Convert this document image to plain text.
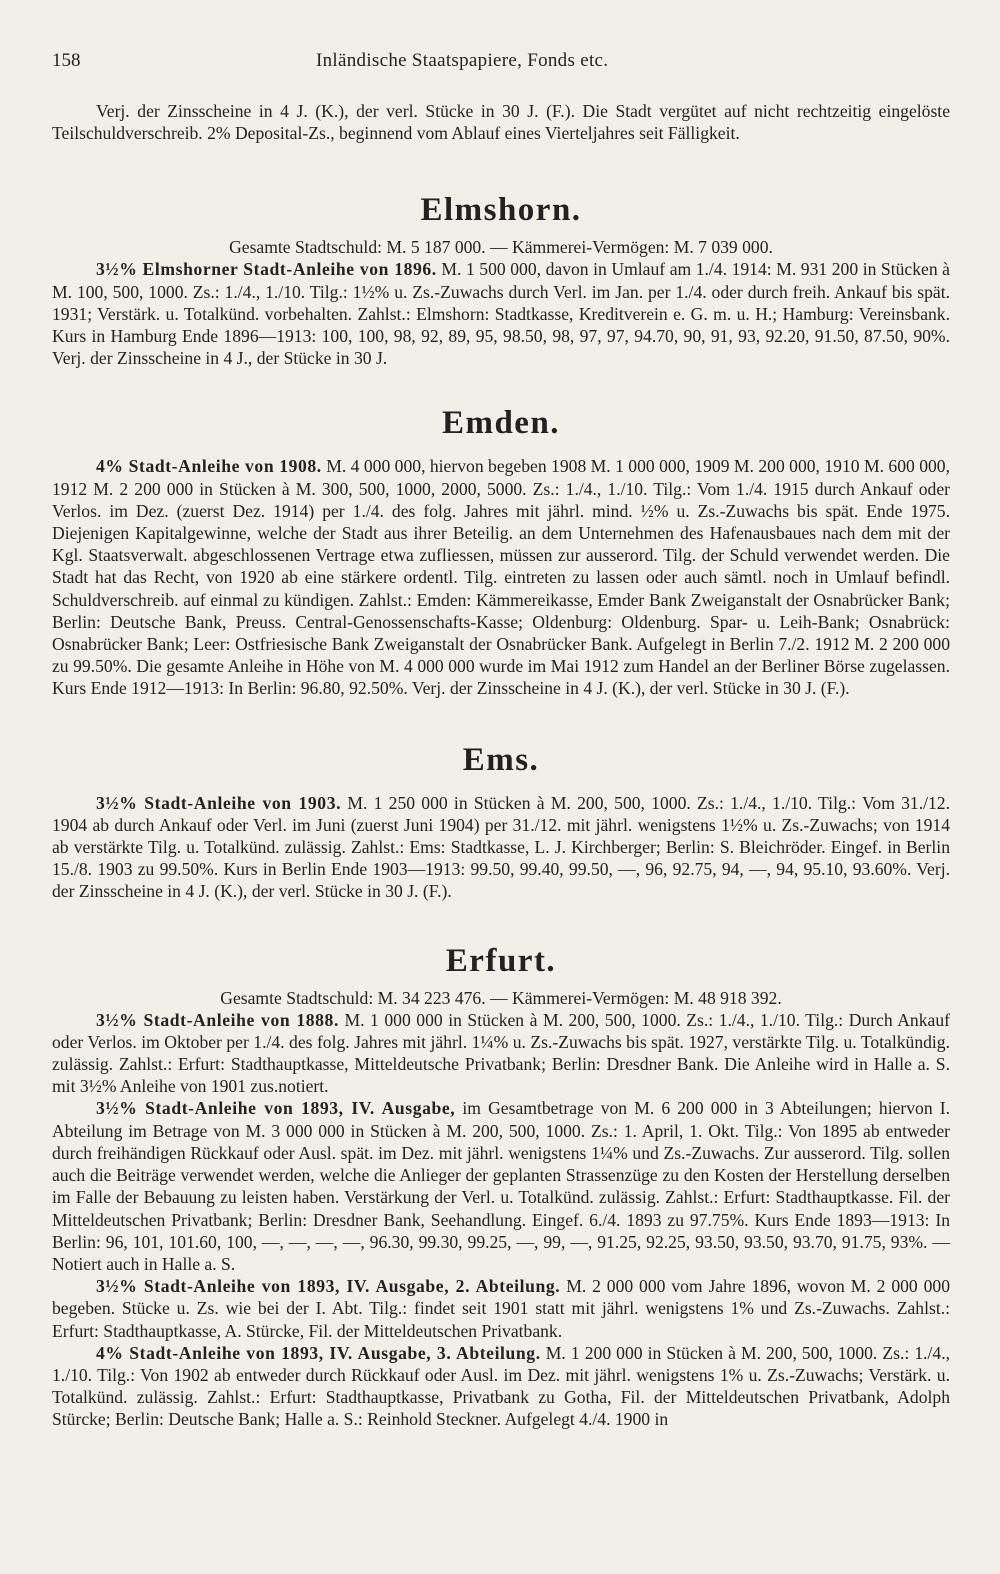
158	Inländische Staatspapiere, Fonds etc.

Verj. der Zinsscheine in 4 J. (K.), der verl. Stücke in 30 J. (F.). Die Stadt vergütet auf nicht rechtzeitig eingelöste Teilschuldverschreib. 2% Deposital-Zs., beginnend vom Ablauf eines Vierteljahres seit Fälligkeit.

Elmshorn.
Gesamte Stadtschuld: M. 5 187 000. — Kämmerei-Vermögen: M. 7 039 000.

3½% Elmshorner Stadt-Anleihe von 1896. M. 1 500 000, davon in Umlauf am 1./4. 1914: M. 931 200 in Stücken à M. 100, 500, 1000. Zs.: 1./4., 1./10. Tilg.: 1½% u. Zs.-Zuwachs durch Verl. im Jan. per 1./4. oder durch freih. Ankauf bis spät. 1931; Verstärk. u. Totalkünd. vorbehalten. Zahlst.: Elmshorn: Stadtkasse, Kreditverein e. G. m. u. H.; Hamburg: Vereinsbank. Kurs in Hamburg Ende 1896—1913: 100, 100, 98, 92, 89, 95, 98.50, 98, 97, 97, 94.70, 90, 91, 93, 92.20, 91.50, 87.50, 90%. Verj. der Zinsscheine in 4 J., der Stücke in 30 J.

Emden.

4% Stadt-Anleihe von 1908. M. 4 000 000, hiervon begeben 1908 M. 1 000 000, 1909 M. 200 000, 1910 M. 600 000, 1912 M. 2 200 000 in Stücken à M. 300, 500, 1000, 2000, 5000. Zs.: 1./4., 1./10. Tilg.: Vom 1./4. 1915 durch Ankauf oder Verlos. im Dez. (zuerst Dez. 1914) per 1./4. des folg. Jahres mit jährl. mind. ½% u. Zs.-Zuwachs bis spät. Ende 1975. Diejenigen Kapitalgewinne, welche der Stadt aus ihrer Beteilig. an dem Unternehmen des Hafenausbaues nach dem mit der Kgl. Staatsverwalt. abgeschlossenen Vertrage etwa zufliessen, müssen zur ausserord. Tilg. der Schuld verwendet werden. Die Stadt hat das Recht, von 1920 ab eine stärkere ordentl. Tilg. eintreten zu lassen oder auch sämtl. noch in Umlauf befindl. Schuldverschreib. auf einmal zu kündigen. Zahlst.: Emden: Kämmereikasse, Emder Bank Zweiganstalt der Osnabrücker Bank; Berlin: Deutsche Bank, Preuss. Central-Genossenschafts-Kasse; Oldenburg: Oldenburg. Spar- u. Leih-Bank; Osnabrück: Osnabrücker Bank; Leer: Ostfriesische Bank Zweiganstalt der Osnabrücker Bank. Aufgelegt in Berlin 7./2. 1912 M. 2 200 000 zu 99.50%. Die gesamte Anleihe in Höhe von M. 4 000 000 wurde im Mai 1912 zum Handel an der Berliner Börse zugelassen. Kurs Ende 1912—1913: In Berlin: 96.80, 92.50%. Verj. der Zinsscheine in 4 J. (K.), der verl. Stücke in 30 J. (F.).

Ems.

3½% Stadt-Anleihe von 1903. M. 1 250 000 in Stücken à M. 200, 500, 1000. Zs.: 1./4., 1./10. Tilg.: Vom 31./12. 1904 ab durch Ankauf oder Verl. im Juni (zuerst Juni 1904) per 31./12. mit jährl. wenigstens 1½% u. Zs.-Zuwachs; von 1914 ab verstärkte Tilg. u. Totalkünd. zulässig. Zahlst.: Ems: Stadtkasse, L. J. Kirchberger; Berlin: S. Bleichröder. Eingef. in Berlin 15./8. 1903 zu 99.50%. Kurs in Berlin Ende 1903—1913: 99.50, 99.40, 99.50, —, 96, 92.75, 94, —, 94, 95.10, 93.60%. Verj. der Zinsscheine in 4 J. (K.), der verl. Stücke in 30 J. (F.).

Erfurt.
Gesamte Stadtschuld: M. 34 223 476. — Kämmerei-Vermögen: M. 48 918 392.

3½% Stadt-Anleihe von 1888. M. 1 000 000 in Stücken à M. 200, 500, 1000. Zs.: 1./4., 1./10. Tilg.: Durch Ankauf oder Verlos. im Oktober per 1./4. des folg. Jahres mit jährl. 1¼% u. Zs.-Zuwachs bis spät. 1927, verstärkte Tilg. u. Totalkündig. zulässig. Zahlst.: Erfurt: Stadthauptkasse, Mitteldeutsche Privatbank; Berlin: Dresdner Bank. Die Anleihe wird in Halle a. S. mit 3½% Anleihe von 1901 zus.notiert.

3½% Stadt-Anleihe von 1893, IV. Ausgabe, im Gesamtbetrage von M. 6 200 000 in 3 Abteilungen; hiervon I. Abteilung im Betrage von M. 3 000 000 in Stücken à M. 200, 500, 1000. Zs.: 1. April, 1. Okt. Tilg.: Von 1895 ab entweder durch freihändigen Rückkauf oder Ausl. spät. im Dez. mit jährl. wenigstens 1¼% und Zs.-Zuwachs. Zur ausserord. Tilg. sollen auch die Beiträge verwendet werden, welche die Anlieger der geplanten Strassenzüge zu den Kosten der Herstellung derselben im Falle der Bebauung zu leisten haben. Verstärkung der Verl. u. Totalkünd. zulässig. Zahlst.: Erfurt: Stadthauptkasse. Fil. der Mitteldeutschen Privatbank; Berlin: Dresdner Bank, Seehandlung. Eingef. 6./4. 1893 zu 97.75%. Kurs Ende 1893—1913: In Berlin: 96, 101, 101.60, 100, —, —, —, —, 96.30, 99.30, 99.25, —, 99, —, 91.25, 92.25, 93.50, 93.50, 93.70, 91.75, 93%. — Notiert auch in Halle a. S.

3½% Stadt-Anleihe von 1893, IV. Ausgabe, 2. Abteilung. M. 2 000 000 vom Jahre 1896, wovon M. 2 000 000 begeben. Stücke u. Zs. wie bei der I. Abt. Tilg.: findet seit 1901 statt mit jährl. wenigstens 1% und Zs.-Zuwachs. Zahlst.: Erfurt: Stadthauptkasse, A. Stürcke, Fil. der Mitteldeutschen Privatbank.

4% Stadt-Anleihe von 1893, IV. Ausgabe, 3. Abteilung. M. 1 200 000 in Stücken à M. 200, 500, 1000. Zs.: 1./4., 1./10. Tilg.: Von 1902 ab entweder durch Rückkauf oder Ausl. im Dez. mit jährl. wenigstens 1% u. Zs.-Zuwachs; Verstärk. u. Totalkünd. zulässig. Zahlst.: Erfurt: Stadthauptkasse, Privatbank zu Gotha, Fil. der Mitteldeutschen Privatbank, Adolph Stürcke; Berlin: Deutsche Bank; Halle a. S.: Reinhold Steckner. Aufgelegt 4./4. 1900 in
